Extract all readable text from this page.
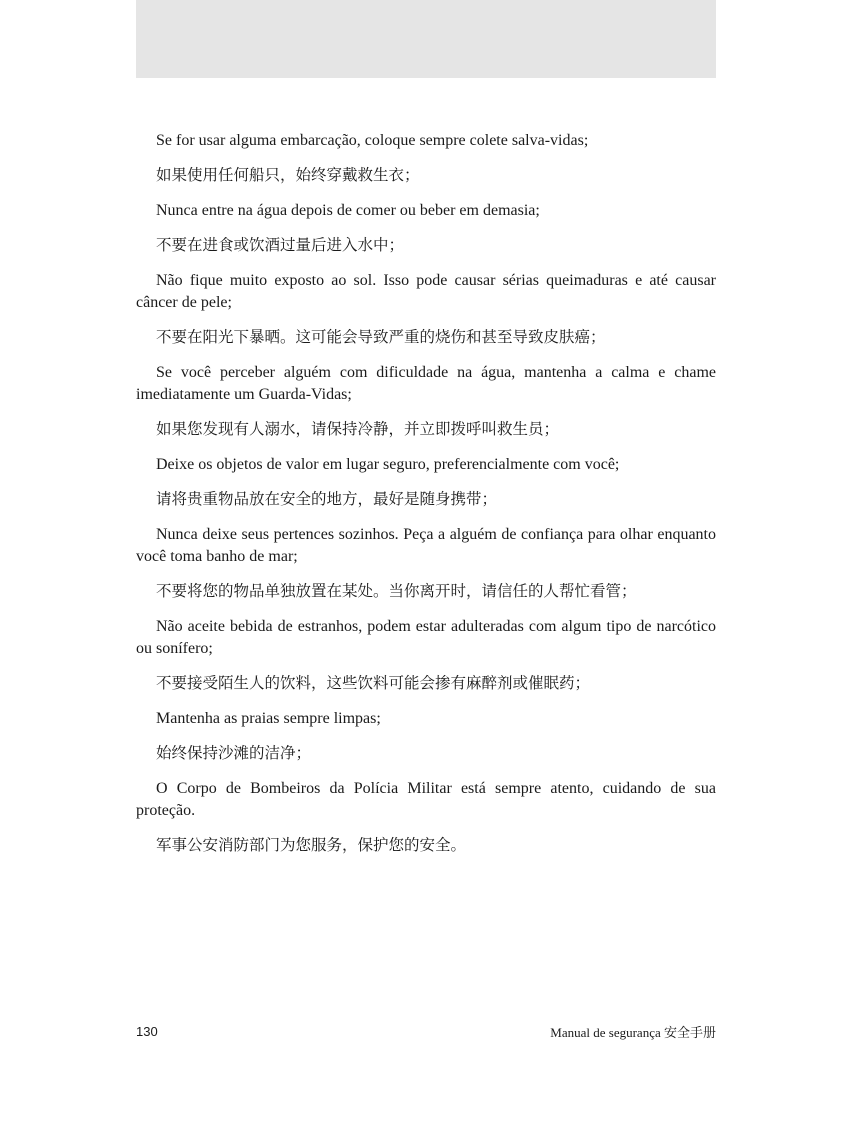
Se for usar alguma embarcação, coloque sempre colete salva-vidas;

如果使用任何船只，始终穿戴救生衣；

Nunca entre na água depois de comer ou beber em demasia;

不要在进食或饮酒过量后进入水中；

Não fique muito exposto ao sol. Isso pode causar sérias queimaduras e até causar câncer de pele;

不要在阳光下暴晒。这可能会导致严重的烧伤和甚至导致皮肤癌；

Se você perceber alguém com dificuldade na água, mantenha a calma e chame imediatamente um Guarda-Vidas;

如果您发现有人溺水，请保持冷静，并立即拨呼叫救生员；

Deixe os objetos de valor em lugar seguro, preferencialmente com você;

请将贵重物品放在安全的地方，最好是随身携带；

Nunca deixe seus pertences sozinhos. Peça a alguém de confiança para olhar enquanto você toma banho de mar;

不要将您的物品单独放置在某处。当你离开时，请信任的人帮忙看管；

Não aceite bebida de estranhos, podem estar adulteradas com algum tipo de narcótico ou sonífero;

不要接受陌生人的饮料，这些饮料可能会掺有麻醉剂或催眠药；

Mantenha as praias sempre limpas;

始终保持沙滩的洁净；

O Corpo de Bombeiros da Polícia Militar está sempre atento, cuidando de sua proteção.

军事公安消防部门为您服务，保护您的安全。

130	Manual de segurança 安全手册
